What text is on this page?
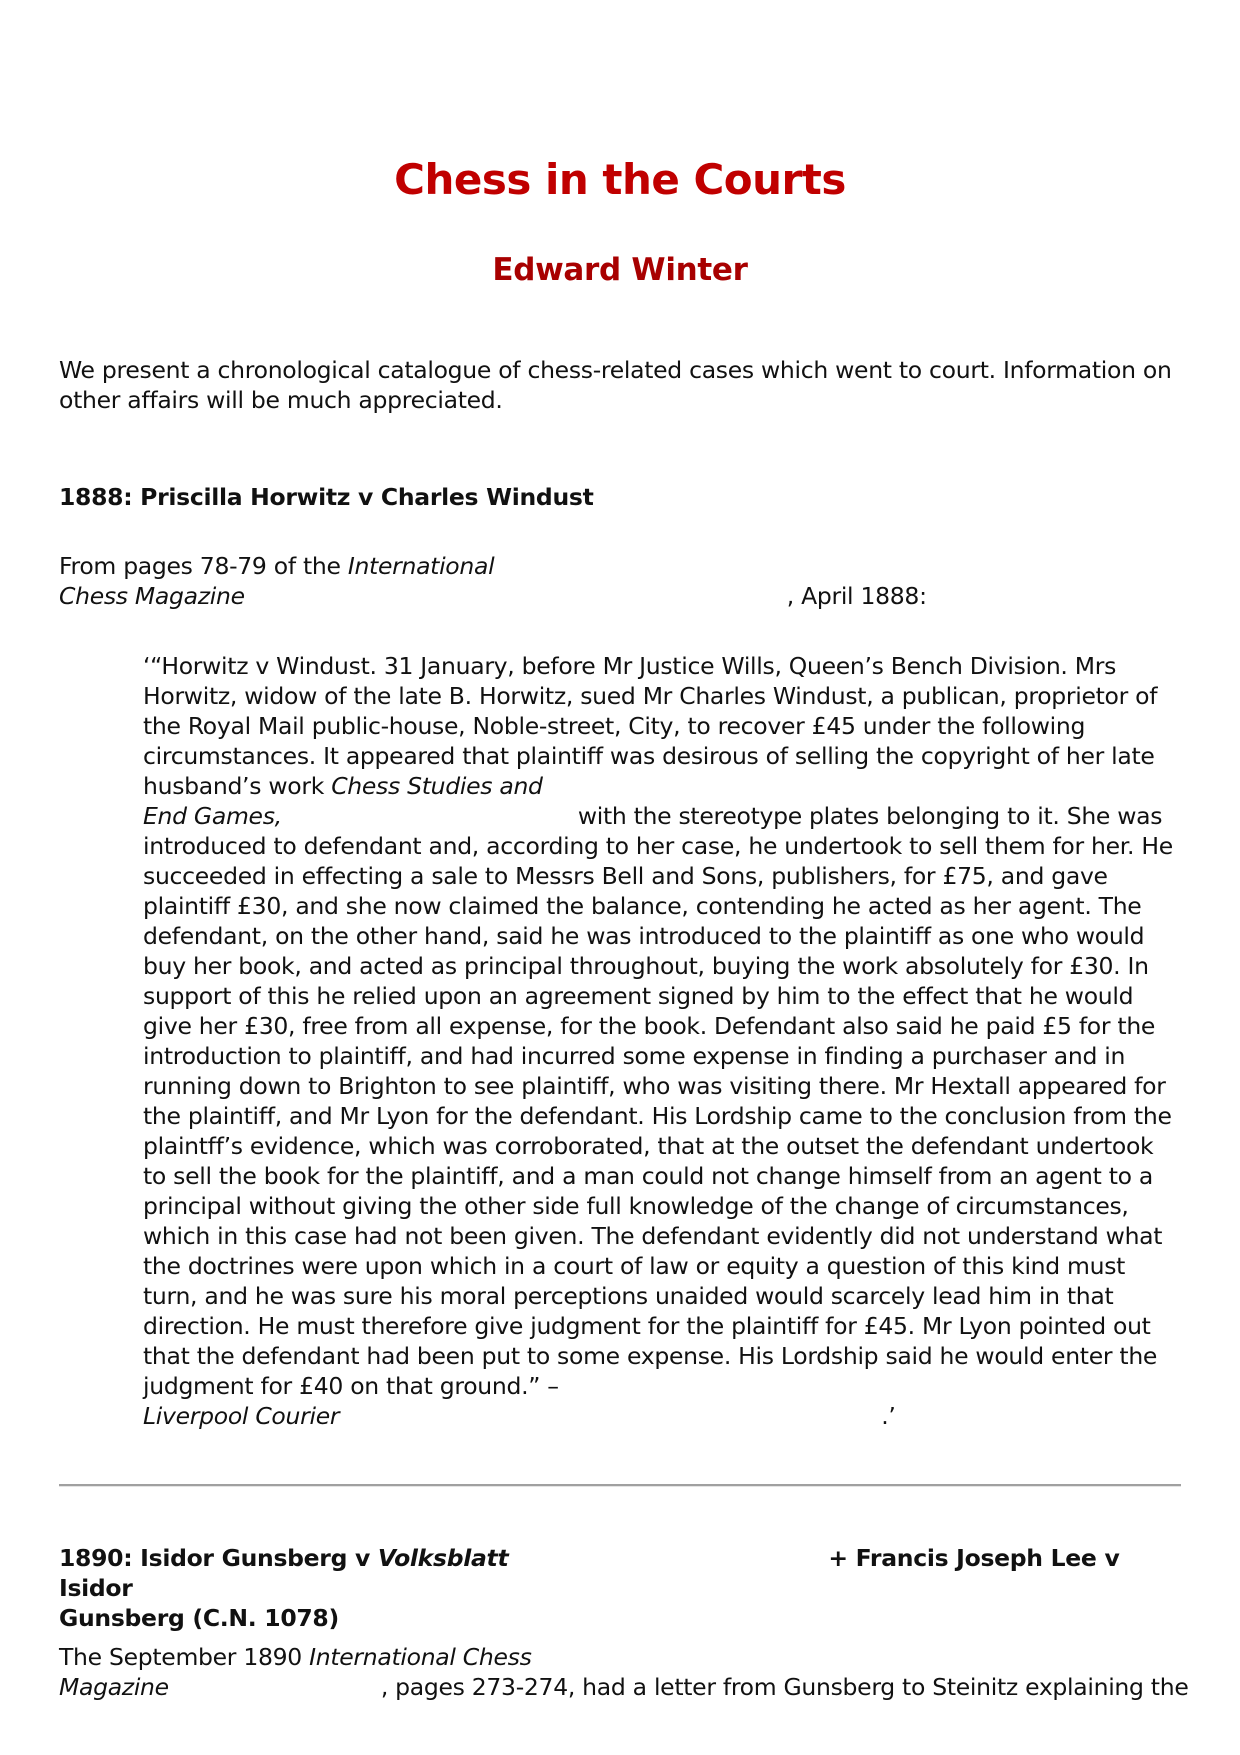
Chess in the Courts
Edward Winter

We present a chronological catalogue of chess-related cases which went to court. Information on other affairs will be much appreciated.

1888: Priscilla Horwitz v Charles Windust

From pages 78-79 of the International
Chess Magazine	, April 1888:

‘“Horwitz v Windust. 31 January, before Mr Justice Wills, Queen’s Bench Division. Mrs Horwitz, widow of the late B. Horwitz, sued Mr Charles Windust, a publican, proprietor of the Royal Mail public-house, Noble-street, City, to recover £45 under the following circumstances. It appeared that plaintiff was desirous of selling the copyright of her late husband’s work Chess Studies and
End Games,	with the stereotype plates belonging to it. She was introduced to defendant and, according to her case, he undertook to sell them for her. He succeeded in effecting a sale to Messrs Bell and Sons, publishers, for £75, and gave plaintiff £30, and she now claimed the balance, contending he acted as her agent. The defendant, on the other hand, said he was introduced to the plaintiff as one who would buy her book, and acted as principal throughout, buying the work absolutely for £30. In support of this he relied upon an agreement signed by him to the effect that he would give her £30, free from all expense, for the book. Defendant also said he paid £5 for the introduction to plaintiff, and had incurred some expense in finding a purchaser and in running down to Brighton to see plaintiff, who was visiting there. Mr Hextall appeared for the plaintiff, and Mr Lyon for the defendant. His Lordship came to the conclusion from the plaintff’s evidence, which was corroborated, that at the outset the defendant undertook to sell the book for the plaintiff, and a man could not change himself from an agent to a principal without giving the other side full knowledge of the change of circumstances, which in this case had not been given. The defendant evidently did not understand what the doctrines were upon which in a court of law or equity a question of this kind must turn, and he was sure his moral perceptions unaided would scarcely lead him in that direction. He must therefore give judgment for the plaintiff for £45. Mr Lyon pointed out that the defendant had been put to some expense. His Lordship said he would enter the judgment for £40 on that ground.” –
Liverpool Courier	.’

1890: Isidor Gunsberg v Volksblatt	+ Francis Joseph Lee v Isidor
Gunsberg (C.N. 1078)

The September 1890 International Chess
Magazine	, pages 273-274, had a letter from Gunsberg to Steinitz explaining the
